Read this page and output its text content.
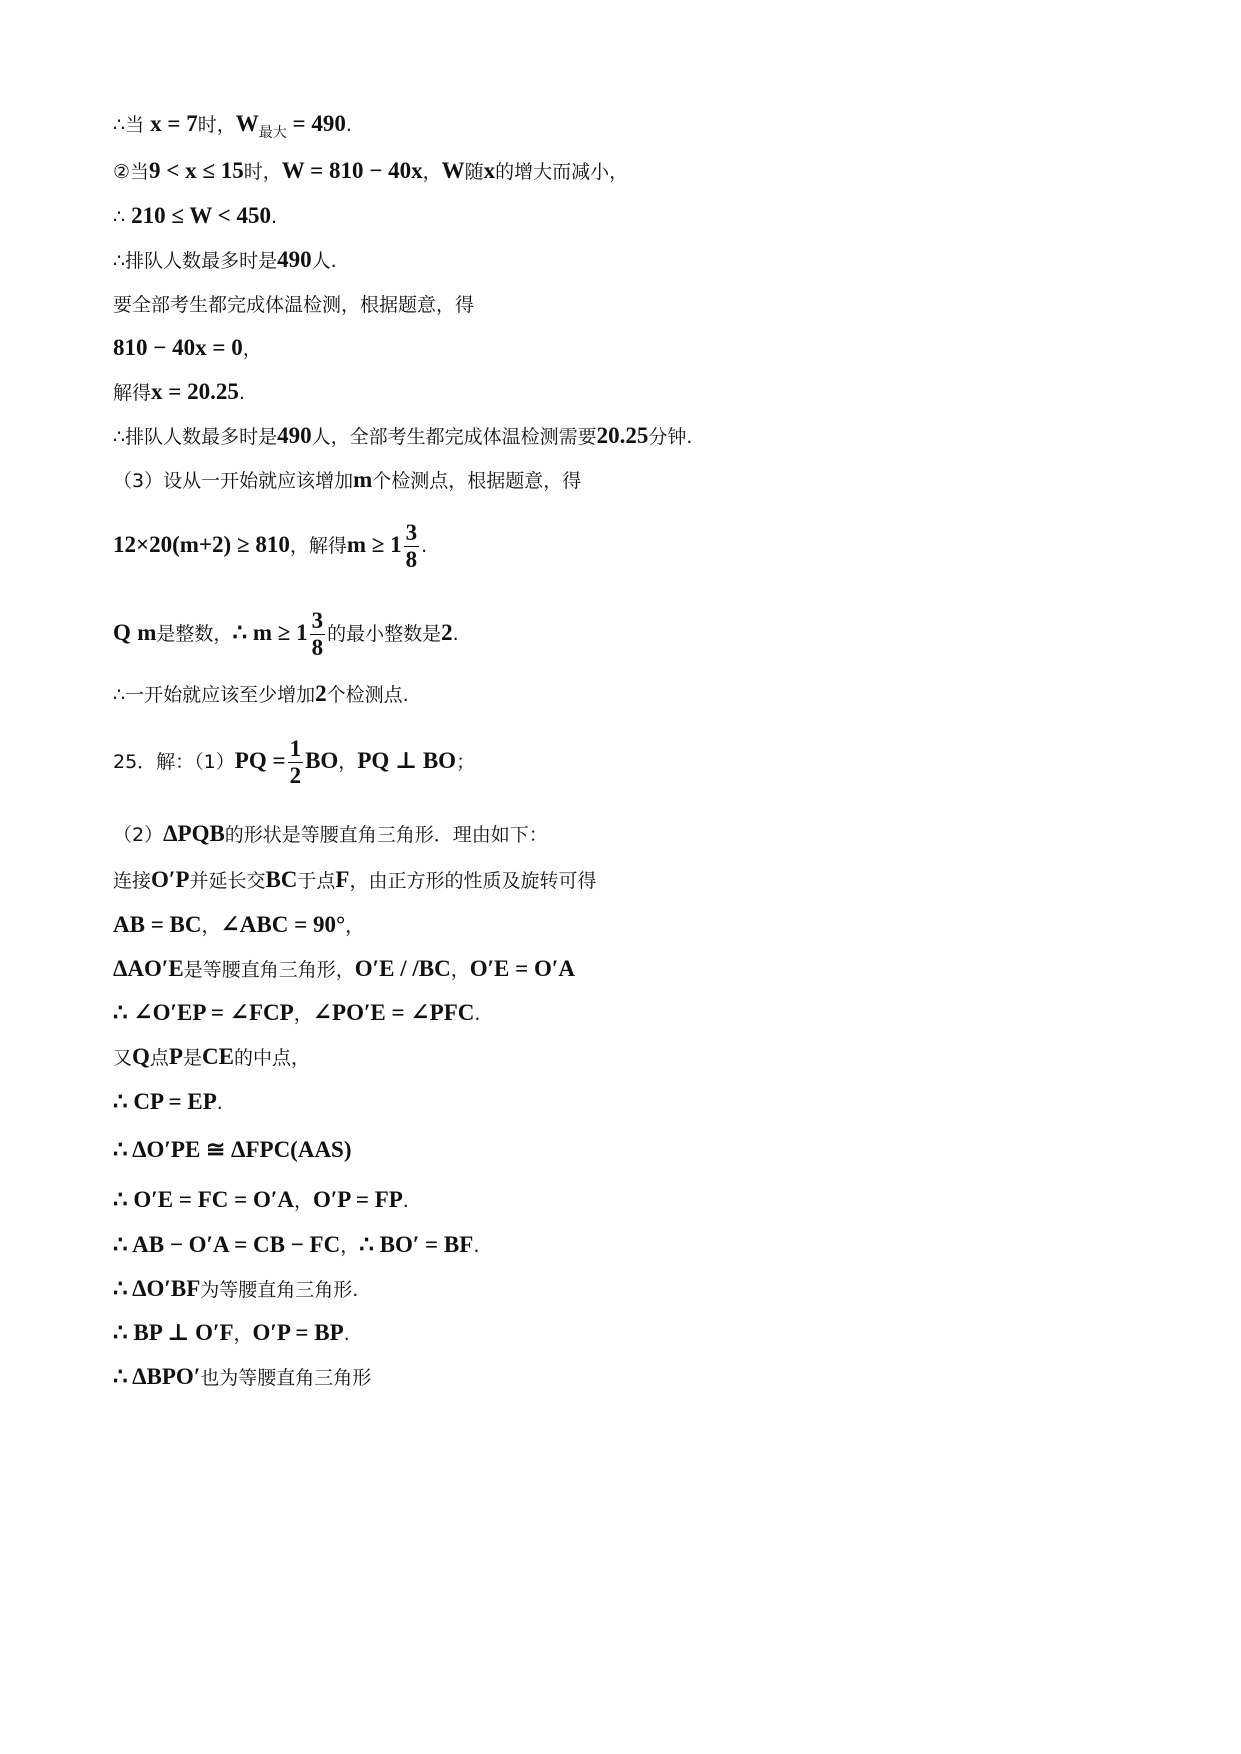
∴当 x = 7时，$W_{最大} = 490$.
②当9 < x ≤ 15时，W = 810 − 40x，W随x的增大而减小，
∴ 210 ≤ W < 450.
∴排队人数最多时是490人.
要全部考生都完成体温检测，根据题意，得
810 − 40x = 0，
解得x = 20.25.
∴排队人数最多时是490人，全部考生都完成体温检测需要20.25分钟.
（3）设从一开始就应该增加m个检测点，根据题意，得
12×20(m+2) ≥ 810，解得$m \ge 1 \frac{3}{8}$ .
Q m是整数，∴ $m \ge 1 \frac{3}{8}$ 的最小整数是2.
∴一开始就应该至少增加2个检测点.
25．解：$(1)PQ = \frac{1}{2}$ BO，PQ ⊥ BO；
（2）ΔPQB的形状是等腰直角三角形．理由如下：
连接O′P并延长交BC于点F，由正方形的性质及旋转可得
AB = BC，∠ABC = 90°，
ΔAO′E是等腰直角三角形，O′E / /BC，O′E = O′A
∴ ∠O′EP = ∠FCP，∠PO′E = ∠PFC.
又Q点P是CE的中点，
∴ CP = EP.
∴ ΔO′PE ≅ ΔFPC(AAS)
∴ O′E = FC = O′A，O′P = FP.
∴ AB − O′A = CB − FC，∴ BO′ = BF.
∴ ΔO′BF为等腰直角三角形.
∴ BP ⊥ O′F，O′P = BP.
∴ ΔBPO′也为等腰直角三角形
